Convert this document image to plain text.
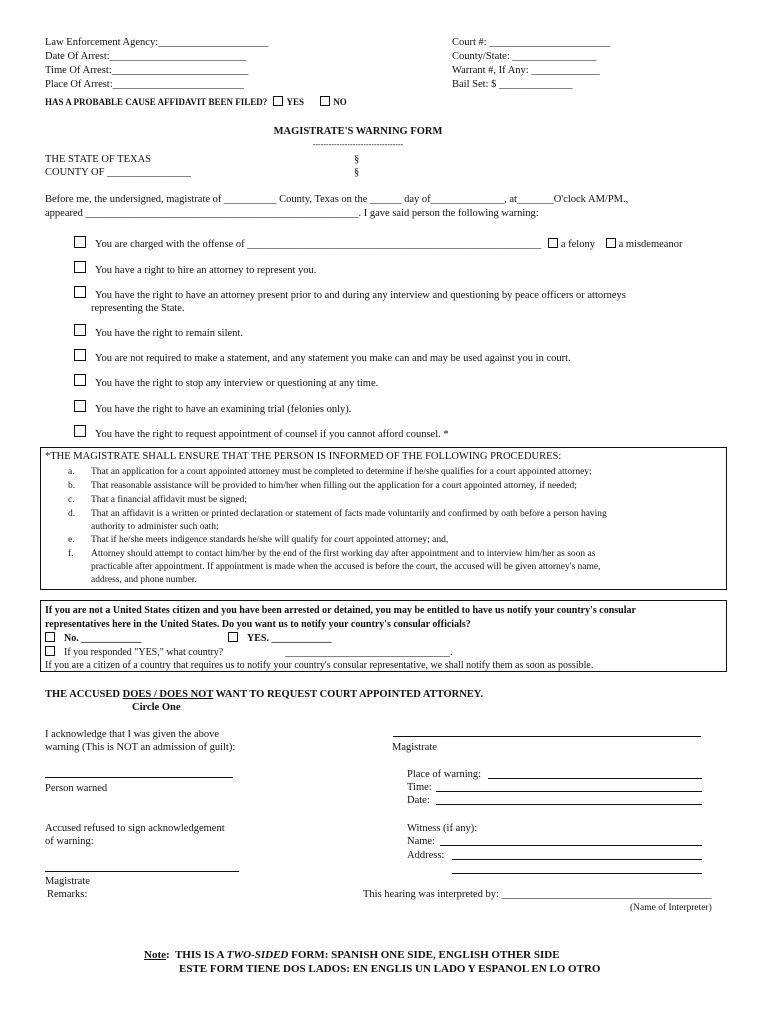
Law Enforcement Agency:_____________________
Date Of Arrest:__________________________
Time Of Arrest:__________________________
Place Of Arrest:_________________________
Court #: _______________________
County/State: ________________
Warrant #, If Any: _____________
Bail Set: $ ______________
HAS A PROBABLE CAUSE AFFIDAVIT BEEN FILED? YES	NO
MAGISTRATE'S WARNING FORM
----------------------------------
THE STATE OF TEXAS
COUNTY OF ________________
§
§
Before me, the undersigned, magistrate of __________ County, Texas on the ______ day of______________, at_______O'clock AM/PM.,
appeared ____________________________________________________. I gave said person the following warning:
You are charged with the offense of ________________________________________________________ a felony a misdemeanor
You have a right to hire an attorney to represent you.
You have the right to have an attorney present prior to and during any interview and questioning by peace officers or attorneys
representing the State.
You have the right to remain silent.
You are not required to make a statement, and any statement you make can and may be used against you in court.
You have the right to stop any interview or questioning at any time.
You have the right to have an examining trial (felonies only).
You have the right to request appointment of counsel if you cannot afford counsel. *
*THE MAGISTRATE SHALL ENSURE THAT THE PERSON IS INFORMED OF THE FOLLOWING PROCEDURES:
a. That an application for a court appointed attorney must be completed to determine if he/she qualifies for a court appointed attorney;
b. That reasonable assistance will be provided to him/her when filling out the application for a court appointed attorney, if needed;
c. That a financial affidavit must be signed;
d. That an affidavit is a written or printed declaration or statement of facts made voluntarily and confirmed by oath before a person having
authority to administer such oath;
e. That if he/she meets indigence standards he/she will qualify for court appointed attorney; and,
f. Attorney should attempt to contact him/her by the end of the first working day after appointment and to interview him/her as soon as
practicable after appointment. If appointment is made when the accused is before the court, the accused will be given attorney's name,
address, and phone number.
If you are not a United States citizen and you have been arrested or detained, you may be entitled to have us notify your country's consular
representatives here in the United States. Do you want us to notify your country's consular officials?
No. ____________	YES. ____________
If you responded "YES," what country?	_________________________________.
If you are a citizen of a country that requires us to notify your country's consular representative, we shall notify them as soon as possible.
THE ACCUSED DOES / DOES NOT WANT TO REQUEST COURT APPOINTED ATTORNEY.
Circle One
I acknowledge that I was given the above
warning (This is NOT an admission of guilt):	Magistrate
Person warned
Place of warning:
Time:
Date:
Accused refused to sign acknowledgement
of warning:
Witness (if any):
Name:
Address:
Magistrate
Remarks:	This hearing was interpreted by: ________________________________________
(Name of Interpreter)
Note:  THIS IS A TWO-SIDED FORM: SPANISH ONE SIDE, ENGLISH OTHER SIDE
ESTE FORM TIENE DOS LADOS: EN ENGLIS UN LADO Y ESPANOL EN LO OTRO
